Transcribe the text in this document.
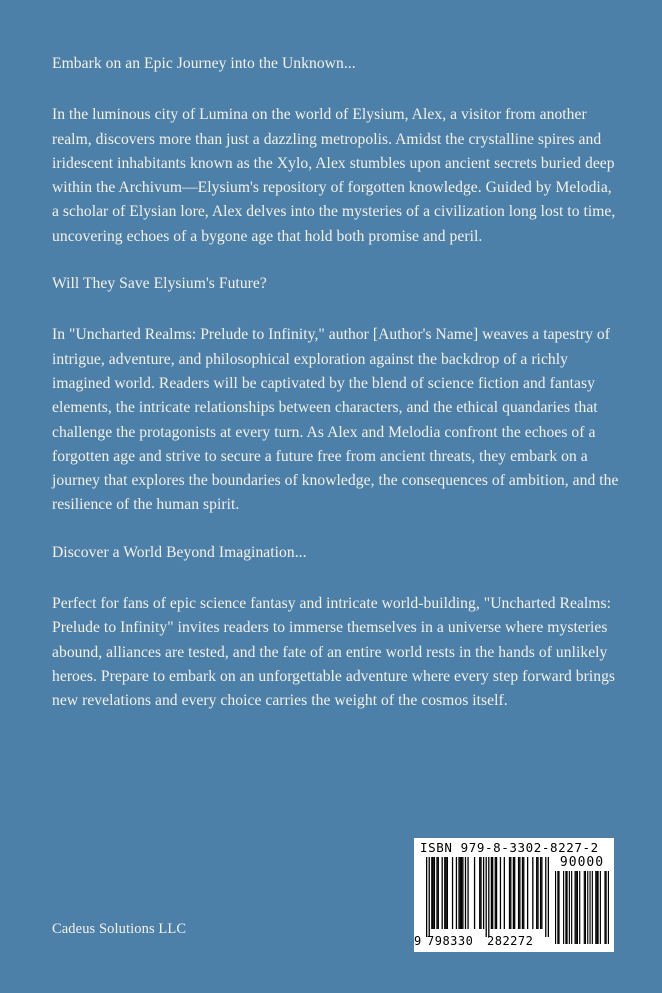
Embark on an Epic Journey into the Unknown...

In the luminous city of Lumina on the world of Elysium, Alex, a visitor from another realm, discovers more than just a dazzling metropolis. Amidst the crystalline spires and iridescent inhabitants known as the Xylo, Alex stumbles upon ancient secrets buried deep within the Archivum—Elysium's repository of forgotten knowledge. Guided by Melodia, a scholar of Elysian lore, Alex delves into the mysteries of a civilization long lost to time, uncovering echoes of a bygone age that hold both promise and peril.

Will They Save Elysium's Future?

In "Uncharted Realms: Prelude to Infinity," author [Author's Name] weaves a tapestry of intrigue, adventure, and philosophical exploration against the backdrop of a richly imagined world. Readers will be captivated by the blend of science fiction and fantasy elements, the intricate relationships between characters, and the ethical quandaries that challenge the protagonists at every turn. As Alex and Melodia confront the echoes of a forgotten age and strive to secure a future free from ancient threats, they embark on a journey that explores the boundaries of knowledge, the consequences of ambition, and the resilience of the human spirit.

Discover a World Beyond Imagination...

Perfect for fans of epic science fantasy and intricate world-building, "Uncharted Realms: Prelude to Infinity" invites readers to immerse themselves in a universe where mysteries abound, alliances are tested, and the fate of an entire world rests in the hands of unlikely heroes. Prepare to embark on an unforgettable adventure where every step forward brings new revelations and every choice carries the weight of the cosmos itself.

Cadeus Solutions LLC
ISBN 979-8-3302-8227-2
90000
9 798330 282272
